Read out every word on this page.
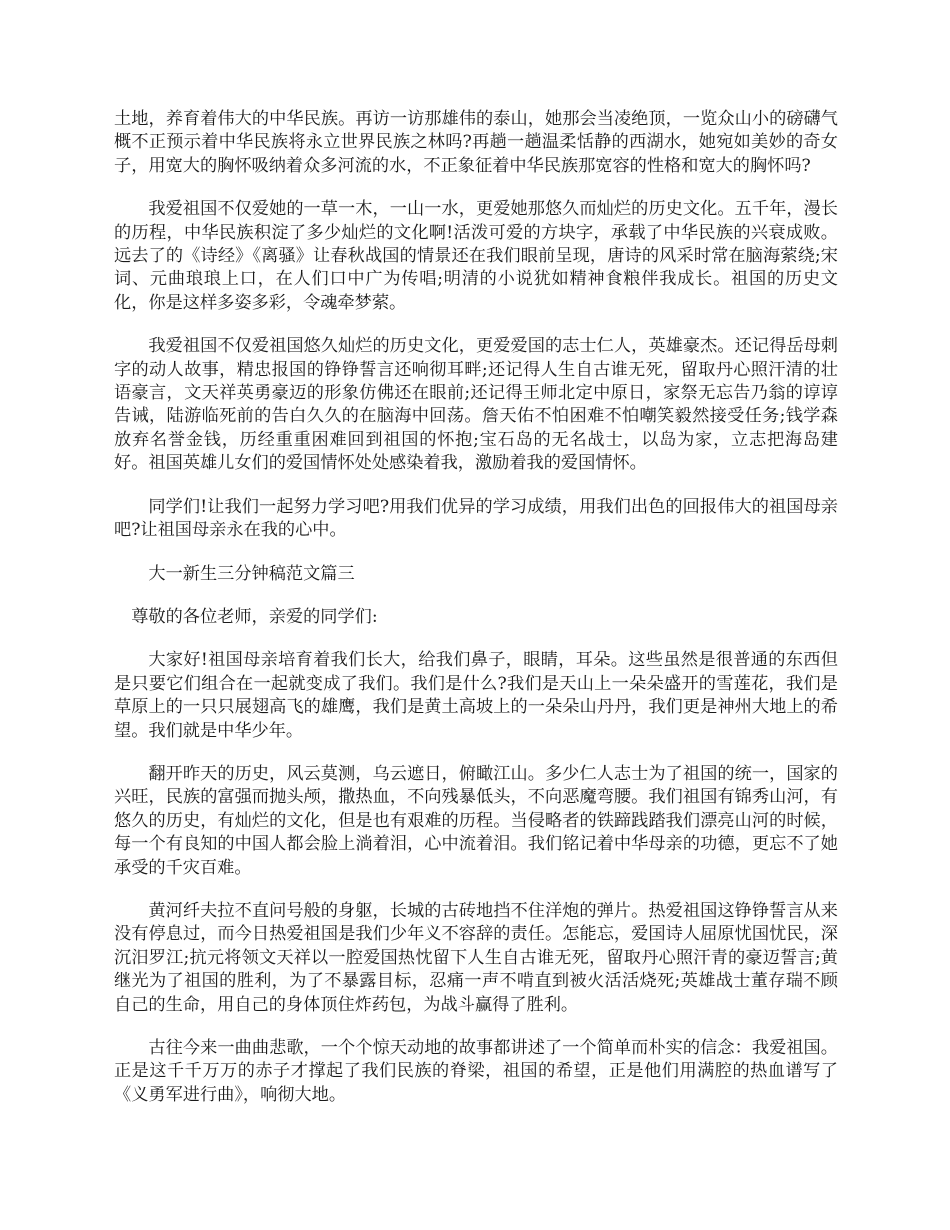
土地，养育着伟大的中华民族。再访一访那雄伟的泰山，她那会当凌绝顶，一览众山小的磅礴气概不正预示着中华民族将永立世界民族之林吗?再趟一趟温柔恬静的西湖水，她宛如美妙的奇女子，用宽大的胸怀吸纳着众多河流的水，不正象征着中华民族那宽容的性格和宽大的胸怀吗?

我爱祖国不仅爱她的一草一木，一山一水，更爱她那悠久而灿烂的历史文化。五千年，漫长的历程，中华民族积淀了多少灿烂的文化啊!活泼可爱的方块字，承载了中华民族的兴衰成败。远去了的《诗经》《离骚》让春秋战国的情景还在我们眼前呈现，唐诗的风采时常在脑海萦绕;宋词、元曲琅琅上口，在人们口中广为传唱;明清的小说犹如精神食粮伴我成长。祖国的历史文化，你是这样多姿多彩，令魂牵梦萦。

我爱祖国不仅爱祖国悠久灿烂的历史文化，更爱爱国的志士仁人，英雄豪杰。还记得岳母刺字的动人故事，精忠报国的铮铮誓言还响彻耳畔;还记得人生自古谁无死，留取丹心照汗清的壮语豪言，文天祥英勇豪迈的形象仿佛还在眼前;还记得王师北定中原日，家祭无忘告乃翁的谆谆告诫，陆游临死前的告白久久的在脑海中回荡。詹天佑不怕困难不怕嘲笑毅然接受任务;钱学森放弃名誉金钱，历经重重困难回到祖国的怀抱;宝石岛的无名战士，以岛为家，立志把海岛建好。祖国英雄儿女们的爱国情怀处处感染着我，激励着我的爱国情怀。

同学们!让我们一起努力学习吧?用我们优异的学习成绩，用我们出色的回报伟大的祖国母亲吧?让祖国母亲永在我的心中。

大一新生三分钟稿范文篇三

尊敬的各位老师，亲爱的同学们:

大家好!祖国母亲培育着我们长大，给我们鼻子，眼睛，耳朵。这些虽然是很普通的东西但是只要它们组合在一起就变成了我们。我们是什么?我们是天山上一朵朵盛开的雪莲花，我们是草原上的一只只展翅高飞的雄鹰，我们是黄土高坡上的一朵朵山丹丹，我们更是神州大地上的希望。我们就是中华少年。

翻开昨天的历史，风云莫测，乌云遮日，俯瞰江山。多少仁人志士为了祖国的统一，国家的兴旺，民族的富强而抛头颅，撒热血，不向残暴低头，不向恶魔弯腰。我们祖国有锦秀山河，有悠久的历史，有灿烂的文化，但是也有艰难的历程。当侵略者的铁蹄践踏我们漂亮山河的时候，每一个有良知的中国人都会脸上淌着泪，心中流着泪。我们铭记着中华母亲的功德，更忘不了她承受的千灾百难。

黄河纤夫拉不直问号般的身躯，长城的古砖地挡不住洋炮的弹片。热爱祖国这铮铮誓言从来没有停息过，而今日热爱祖国是我们少年义不容辞的责任。怎能忘，爱国诗人屈原忧国忧民，深沉汨罗江;抗元将领文天祥以一腔爱国热忱留下人生自古谁无死，留取丹心照汗青的豪迈誓言;黄继光为了祖国的胜利，为了不暴露目标，忍痛一声不啃直到被火活活烧死;英雄战士董存瑞不顾自己的生命，用自己的身体顶住炸药包，为战斗赢得了胜利。

古往今来一曲曲悲歌，一个个惊天动地的故事都讲述了一个简单而朴实的信念：我爱祖国。正是这千千万万的赤子才撑起了我们民族的脊梁，祖国的希望，正是他们用满腔的热血谱写了《义勇军进行曲》，响彻大地。
